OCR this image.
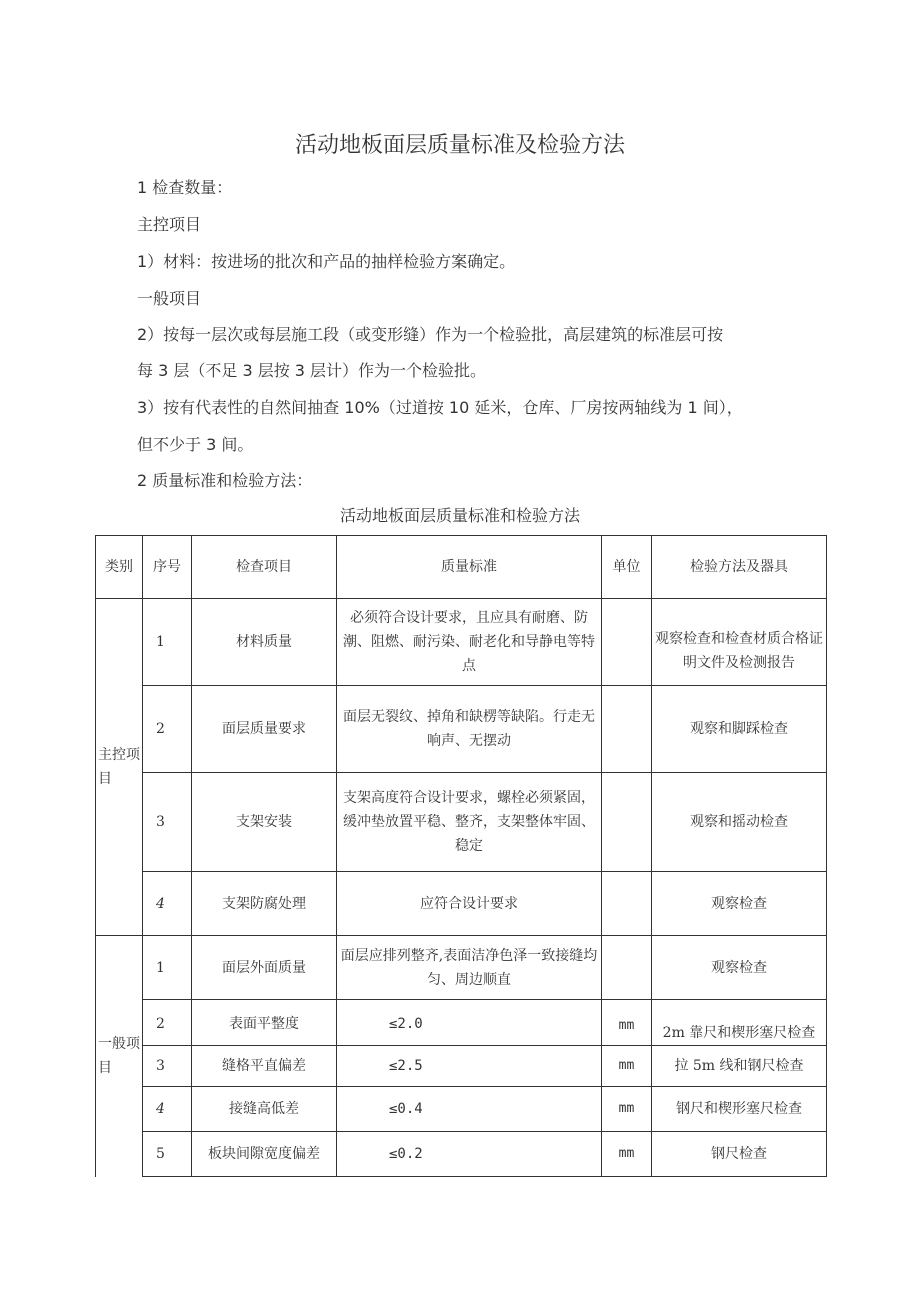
活动地板面层质量标准及检验方法
1 检查数量：
主控项目
1）材料：按进场的批次和产品的抽样检验方案确定。
一般项目
2）按每一层次或每层施工段（或变形缝）作为一个检验批，高层建筑的标准层可按
每 3 层（不足 3 层按 3 层计）作为一个检验批。
3）按有代表性的自然间抽查 10%（过道按 10 延米，仓库、厂房按两轴线为 1 间），
但不少于 3 间。
2 质量标准和检验方法：
活动地板面层质量标准和检验方法
类别	序号	检查项目	质量标准	单位	检验方法及器具
主控项目	1	材料质量	必须符合设计要求，且应具有耐磨、防潮、阻燃、耐污染、耐老化和导静电等特点		观察检查和检查材质合格证明文件及检测报告
	2	面层质量要求	面层无裂纹、掉角和缺楞等缺陷。行走无响声、无摆动		观察和脚踩检查
	3	支架安装	支架高度符合设计要求，螺栓必须紧固，缓冲垫放置平稳、整齐，支架整体牢固、稳定		观察和摇动检查
	4	支架防腐处理	应符合设计要求		观察检查
一般项目	1	面层外面质量	面层应排列整齐,表面洁净色泽一致接缝均匀、周边顺直		观察检查
	2	表面平整度	≤2.0	mm	2m 靠尺和楔形塞尺检查
	3	缝格平直偏差	≤2.5	mm	拉 5m 线和钢尺检查
	4	接缝高低差	≤0.4	mm	钢尺和楔形塞尺检查
	5	板块间隙宽度偏差	≤0.2	mm	钢尺检查
